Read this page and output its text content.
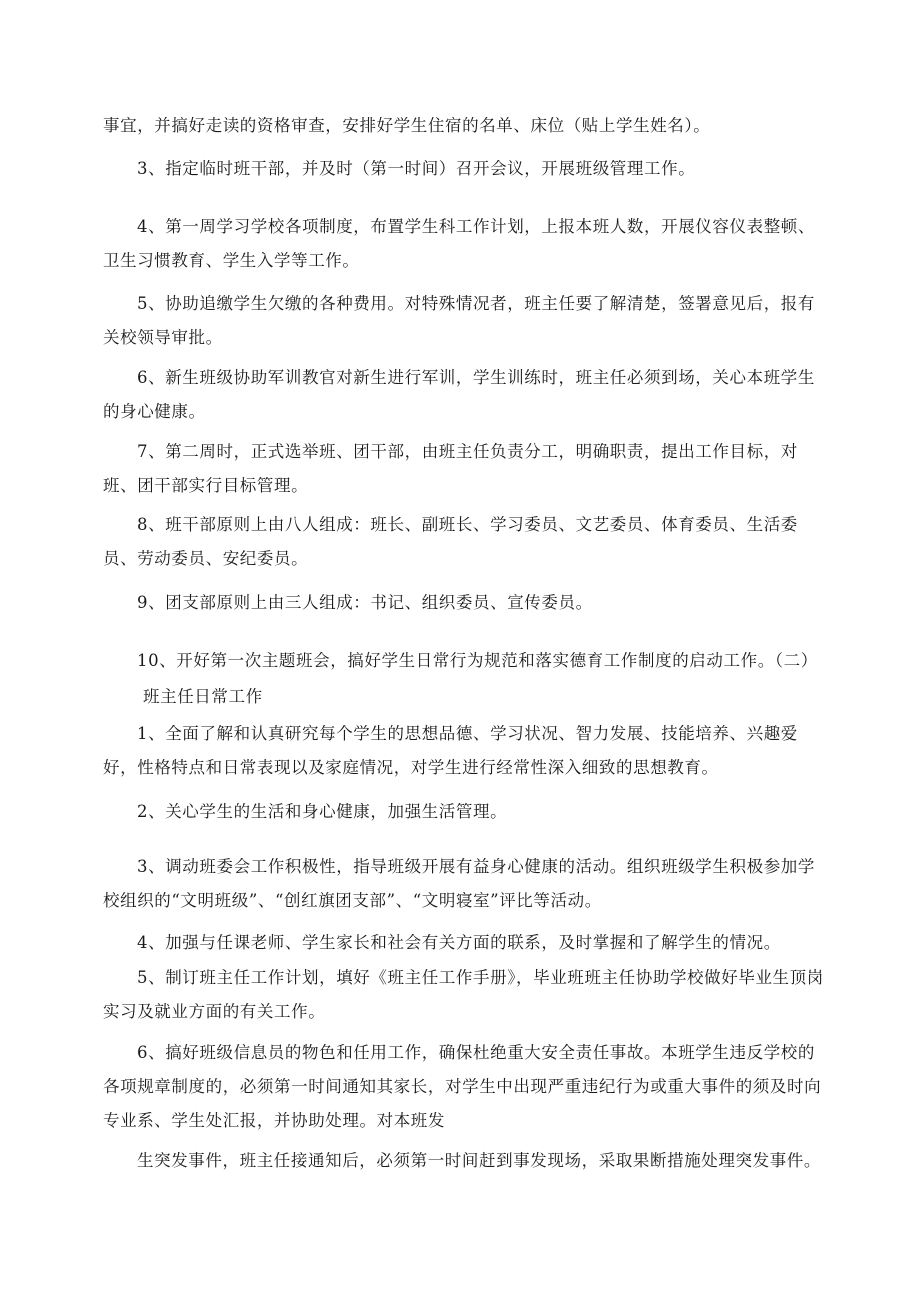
事宜，并搞好走读的资格审查，安排好学生住宿的名单、床位（贴上学生姓名）。

3、指定临时班干部，并及时（第一时间）召开会议，开展班级管理工作。

4、第一周学习学校各项制度，布置学生科工作计划，上报本班人数，开展仪容仪表整顿、卫生习惯教育、学生入学等工作。

5、协助追缴学生欠缴的各种费用。对特殊情况者，班主任要了解清楚，签署意见后，报有关校领导审批。

6、新生班级协助军训教官对新生进行军训，学生训练时，班主任必须到场，关心本班学生的身心健康。

7、第二周时，正式选举班、团干部，由班主任负责分工，明确职责，提出工作目标，对班、团干部实行目标管理。

8、班干部原则上由八人组成：班长、副班长、学习委员、文艺委员、体育委员、生活委员、劳动委员、安纪委员。

9、团支部原则上由三人组成：书记、组织委员、宣传委员。

10、开好第一次主题班会，搞好学生日常行为规范和落实德育工作制度的启动工作。（二）

班主任日常工作

1、全面了解和认真研究每个学生的思想品德、学习状况、智力发展、技能培养、兴趣爱好，性格特点和日常表现以及家庭情况，对学生进行经常性深入细致的思想教育。

2、关心学生的生活和身心健康，加强生活管理。

3、调动班委会工作积极性，指导班级开展有益身心健康的活动。组织班级学生积极参加学校组织的“文明班级”、“创红旗团支部”、“文明寝室”评比等活动。

4、加强与任课老师、学生家长和社会有关方面的联系，及时掌握和了解学生的情况。

5、制订班主任工作计划，填好《班主任工作手册》，毕业班班主任协助学校做好毕业生顶岗实习及就业方面的有关工作。

6、搞好班级信息员的物色和任用工作，确保杜绝重大安全责任事故。本班学生违反学校的各项规章制度的，必须第一时间通知其家长，对学生中出现严重违纪行为或重大事件的须及时向专业系、学生处汇报，并协助处理。对本班发

生突发事件，班主任接通知后，必须第一时间赶到事发现场，采取果断措施处理突发事件。
